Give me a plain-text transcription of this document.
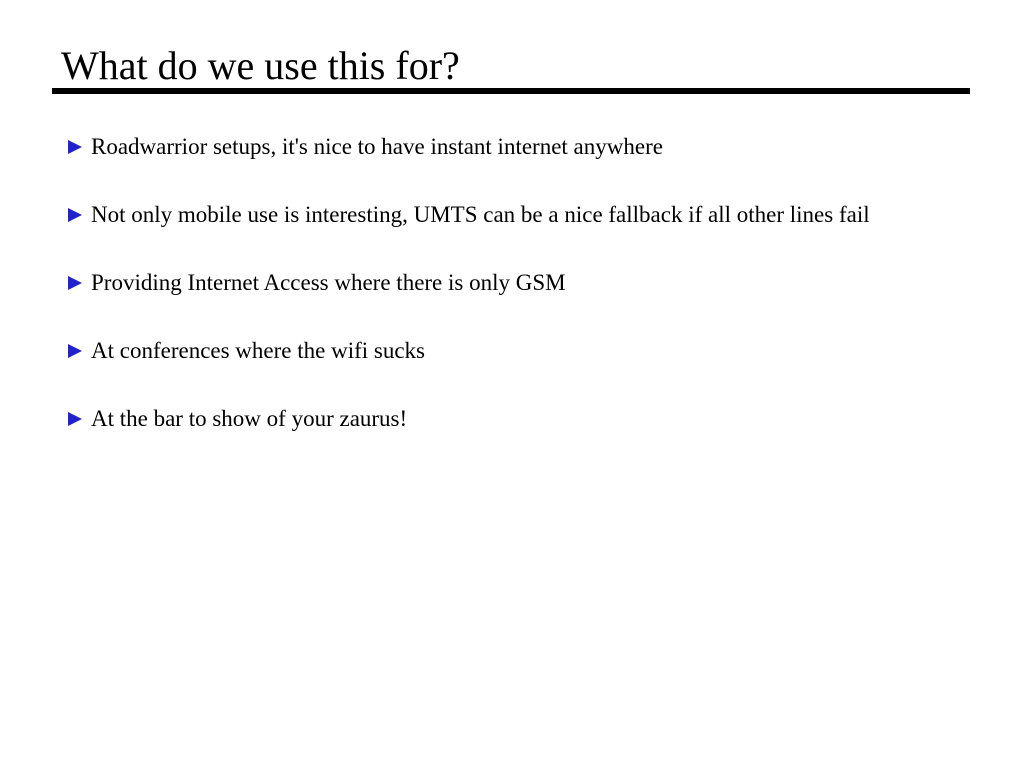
What do we use this for?
Roadwarrior setups, it's nice to have instant internet anywhere
Not only mobile use is interesting, UMTS can be a nice fallback if all other lines fail
Providing Internet Access where there is only GSM
At conferences where the wifi sucks
At the bar to show of your zaurus!
